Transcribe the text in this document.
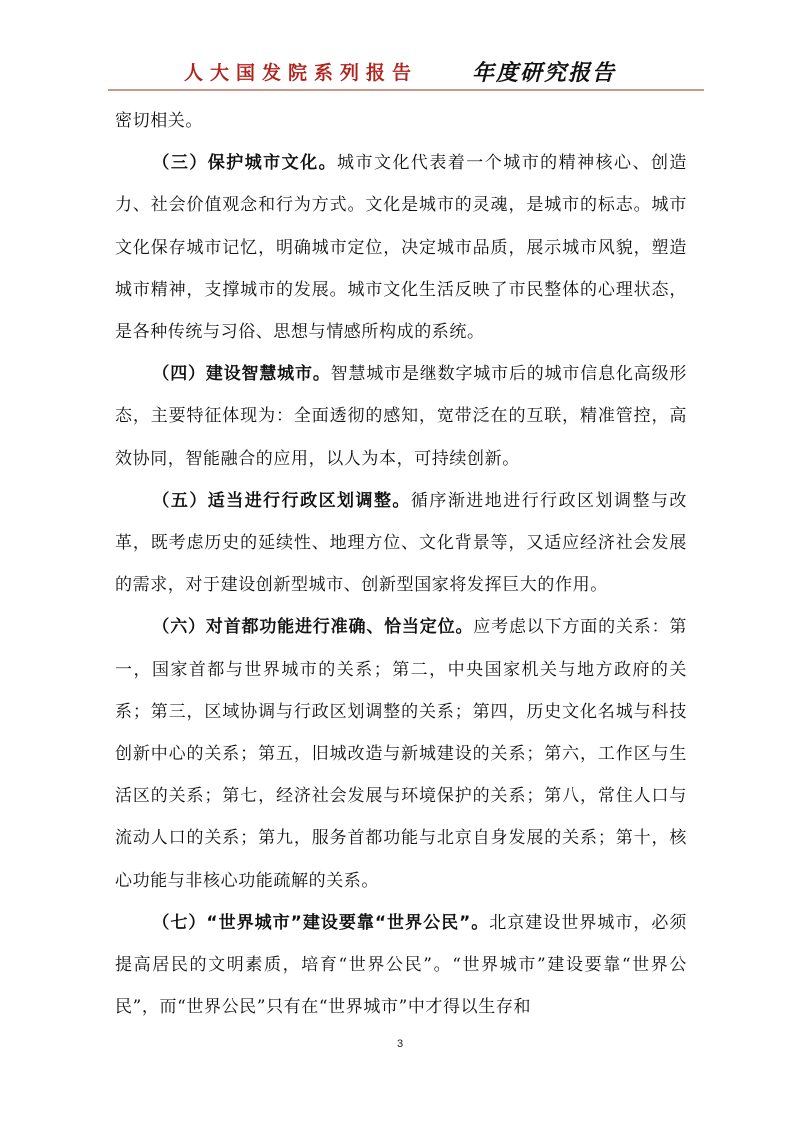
人大国发院系列报告 年度研究报告

密切相关。

（三）保护城市文化。城市文化代表着一个城市的精神核心、创造力、社会价值观念和行为方式。文化是城市的灵魂，是城市的标志。城市文化保存城市记忆，明确城市定位，决定城市品质，展示城市风貌，塑造城市精神，支撑城市的发展。城市文化生活反映了市民整体的心理状态，是各种传统与习俗、思想与情感所构成的系统。

（四）建设智慧城市。智慧城市是继数字城市后的城市信息化高级形态，主要特征体现为：全面透彻的感知，宽带泛在的互联，精准管控，高效协同，智能融合的应用，以人为本，可持续创新。

（五）适当进行行政区划调整。循序渐进地进行行政区划调整与改革，既考虑历史的延续性、地理方位、文化背景等，又适应经济社会发展的需求，对于建设创新型城市、创新型国家将发挥巨大的作用。

（六）对首都功能进行准确、恰当定位。应考虑以下方面的关系：第一，国家首都与世界城市的关系；第二，中央国家机关与地方政府的关系；第三，区域协调与行政区划调整的关系；第四，历史文化名城与科技创新中心的关系；第五，旧城改造与新城建设的关系；第六，工作区与生活区的关系；第七，经济社会发展与环境保护的关系；第八，常住人口与流动人口的关系；第九，服务首都功能与北京自身发展的关系；第十，核心功能与非核心功能疏解的关系。

（七）“世界城市”建设要靠“世界公民”。北京建设世界城市，必须提高居民的文明素质，培育“世界公民”。“世界城市”建设要靠“世界公民”，而“世界公民”只有在“世界城市”中才得以生存和

3
